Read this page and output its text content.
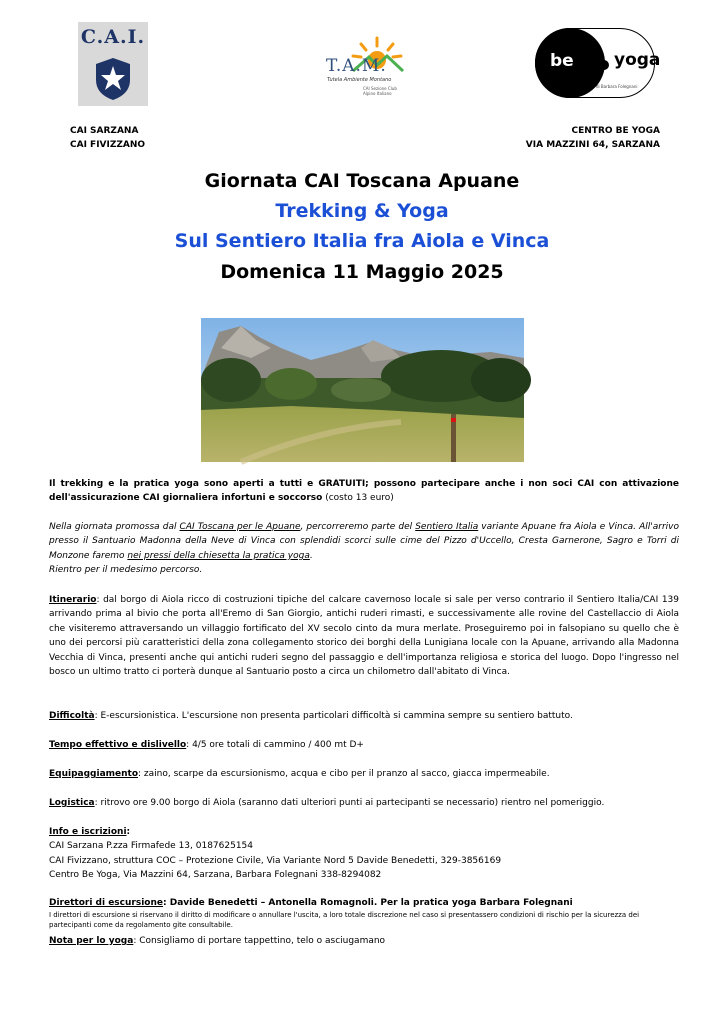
C.A.I.
T.A.M.
Tutela Ambiente Montano
CAI Sezione Club Alpino Italiano
be yoga
di Barbara Folegnani
CAI SARZANA
CAI FIVIZZANO
CENTRO BE YOGA
VIA MAZZINI 64, SARZANA
Giornata CAI Toscana Apuane
Trekking & Yoga
Sul Sentiero Italia fra Aiola e Vinca
Domenica 11 Maggio 2025

Il trekking e la pratica yoga sono aperti a tutti e GRATUITI; possono partecipare anche i non soci CAI con attivazione dell'assicurazione CAI giornaliera infortuni e soccorso (costo 13 euro)

Nella giornata promossa dal CAI Toscana per le Apuane, percorreremo parte del Sentiero Italia variante Apuane fra Aiola e Vinca. All'arrivo presso il Santuario Madonna della Neve di Vinca con splendidi scorci sulle cime del Pizzo d'Uccello, Cresta Garnerone, Sagro e Torri di Monzone faremo nei pressi della chiesetta la pratica yoga.

Rientro per il medesimo percorso.

Itinerario: dal borgo di Aiola ricco di costruzioni tipiche del calcare cavernoso locale si sale per verso contrario il Sentiero Italia/CAI 139 arrivando prima al bivio che porta all'Eremo di San Giorgio, antichi ruderi rimasti, e successivamente alle rovine del Castellaccio di Aiola che visiteremo attraversando un villaggio fortificato del XV secolo cinto da mura merlate. Proseguiremo poi in falsopiano su quello che è uno dei percorsi più caratteristici della zona collegamento storico dei borghi della Lunigiana locale con la Apuane, arrivando alla Madonna Vecchia di Vinca, presenti anche qui antichi ruderi segno del passaggio e dell'importanza religiosa e storica del luogo. Dopo l'ingresso nel bosco un ultimo tratto ci porterà dunque al Santuario posto a circa un chilometro dall'abitato di Vinca.

Difficoltà: E-escursionistica. L'escursione non presenta particolari difficoltà si cammina sempre su sentiero battuto.

Tempo effettivo e dislivello: 4/5 ore totali di cammino / 400 mt D+

Equipaggiamento: zaino, scarpe da escursionismo, acqua e cibo per il pranzo al sacco, giacca impermeabile.

Logistica: ritrovo ore 9.00 borgo di Aiola (saranno dati ulteriori punti ai partecipanti se necessario) rientro nel pomeriggio.

Info e iscrizioni:

CAI Sarzana P.zza Firmafede 13, 0187625154

CAI Fivizzano, struttura COC – Protezione Civile, Via Variante Nord 5 Davide Benedetti, 329-3856169

Centro Be Yoga, Via Mazzini 64, Sarzana, Barbara Folegnani 338-8294082

Direttori di escursione: Davide Benedetti – Antonella Romagnoli. Per la pratica yoga Barbara Folegnani

I direttori di escursione si riservano il diritto di modificare o annullare l'uscita, a loro totale discrezione nel caso si presentassero condizioni di rischio per la sicurezza dei partecipanti come da regolamento gite consultabile.

Nota per lo yoga: Consigliamo di portare tappettino, telo o asciugamano
